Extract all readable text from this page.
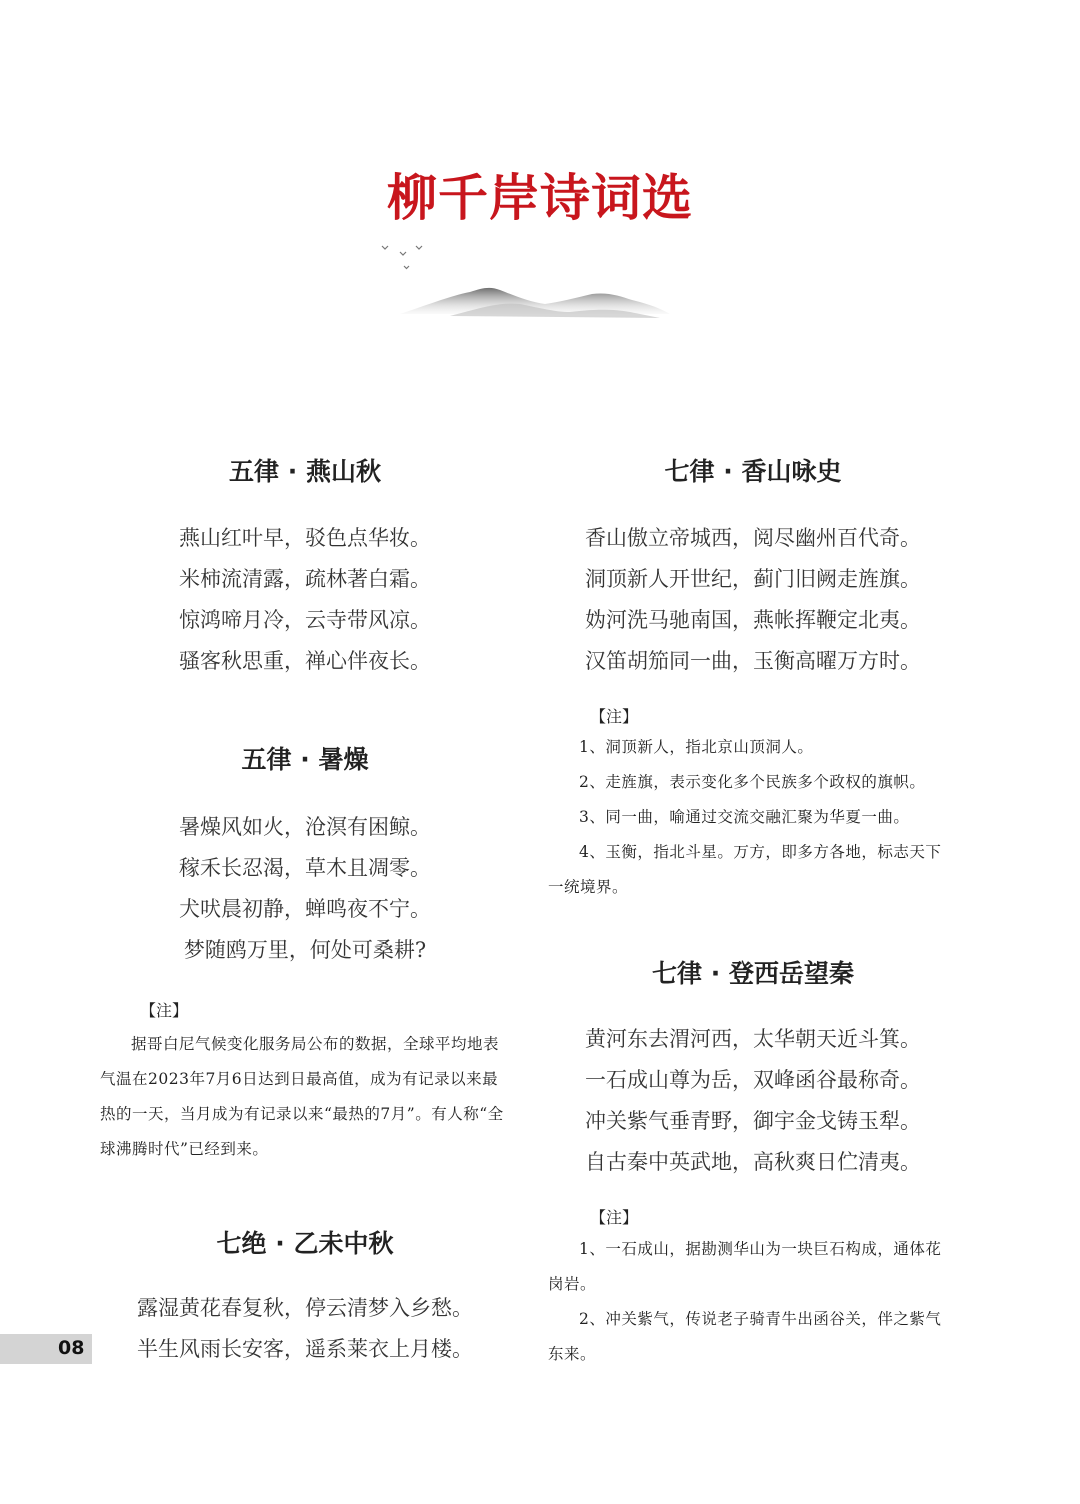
柳千岸诗词选
五律 · 燕山秋
燕山红叶早，驳色点华妆。
米柿流清露，疏林著白霜。
惊鸿啼月冷，云寺带风凉。
骚客秋思重，禅心伴夜长。
五律 · 暑燥
暑燥风如火，沧溟有困鲸。
稼禾长忍渴，草木且凋零。
犬吠晨初静，蝉鸣夜不宁。
梦随鸥万里，何处可桑耕?
【注】

据哥白尼气候变化服务局公布的数据，全球平均地表气温在2023年7月6日达到日最高值，成为有记录以来最热的一天，当月成为有记录以来“最热的7月”。有人称“全球沸腾时代”已经到来。

七绝 · 乙未中秋
露湿黄花春复秋，停云清梦入乡愁。
半生风雨长安客，遥系莱衣上月楼。
七律 · 香山咏史
香山傲立帝城西，阅尽幽州百代奇。
洞顶新人开世纪，蓟门旧阙走旌旗。
妫河洗马驰南国，燕帐挥鞭定北夷。
汉笛胡笳同一曲，玉衡高曜万方时。
【注】

1、洞顶新人，指北京山顶洞人。

2、走旌旗，表示变化多个民族多个政权的旗帜。

3、同一曲，喻通过交流交融汇聚为华夏一曲。

4、玉衡，指北斗星。万方，即多方各地，标志天下一统境界。

七律 · 登西岳望秦
黄河东去渭河西，太华朝天近斗箕。
一石成山尊为岳，双峰函谷最称奇。
冲关紫气垂青野，御宇金戈铸玉犁。
自古秦中英武地，高秋爽日伫清夷。
【注】

1、一石成山，据勘测华山为一块巨石构成，通体花岗岩。

2、冲关紫气，传说老子骑青牛出函谷关，伴之紫气东来。

08
